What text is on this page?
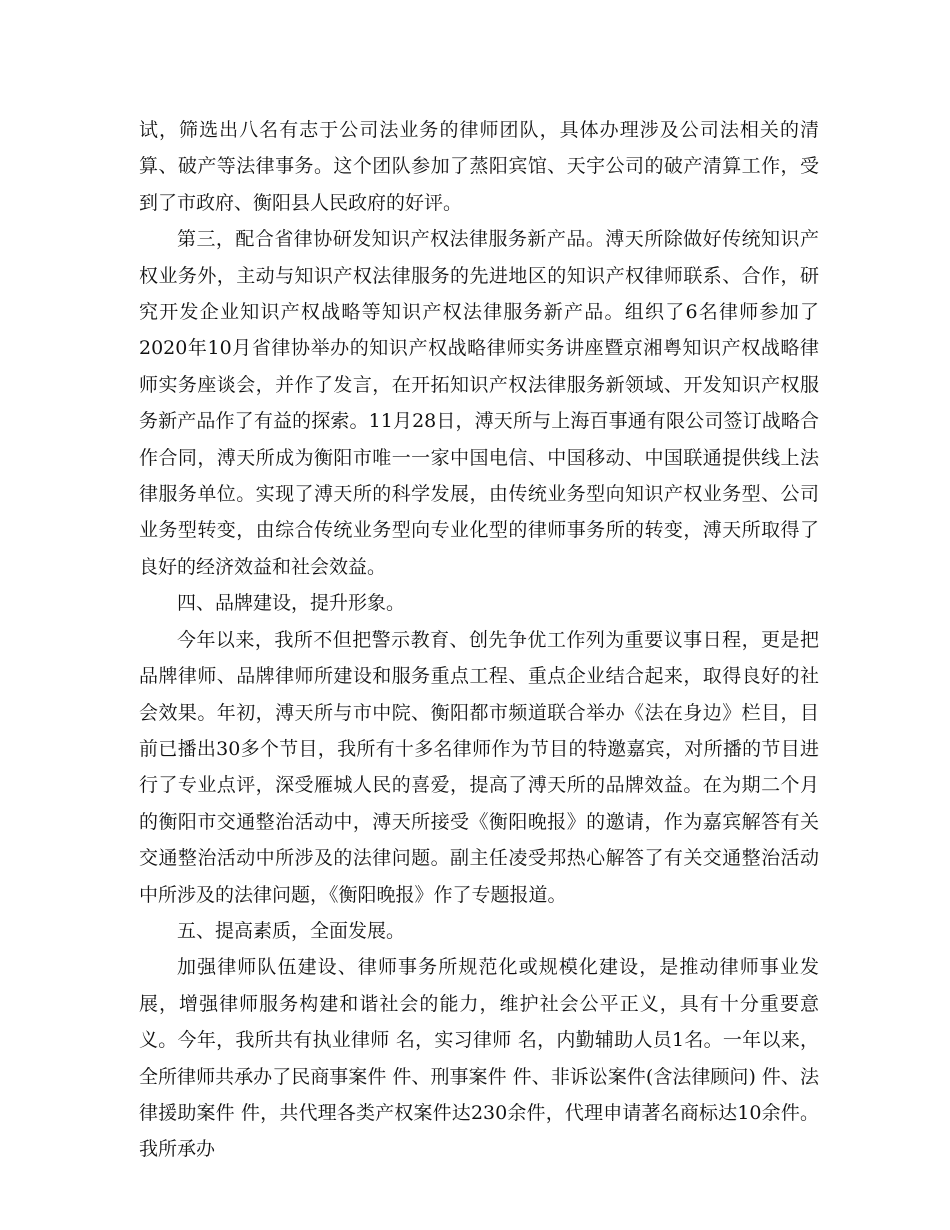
试，筛选出八名有志于公司法业务的律师团队，具体办理涉及公司法相关的清算、破产等法律事务。这个团队参加了蒸阳宾馆、天宇公司的破产清算工作，受到了市政府、衡阳县人民政府的好评。

第三，配合省律协研发知识产权法律服务新产品。溥天所除做好传统知识产权业务外，主动与知识产权法律服务的先进地区的知识产权律师联系、合作，研究开发企业知识产权战略等知识产权法律服务新产品。组织了6名律师参加了2020年10月省律协举办的知识产权战略律师实务讲座暨京湘粤知识产权战略律师实务座谈会，并作了发言，在开拓知识产权法律服务新领域、开发知识产权服务新产品作了有益的探索。11月28日，溥天所与上海百事通有限公司签订战略合作合同，溥天所成为衡阳市唯一一家中国电信、中国移动、中国联通提供线上法律服务单位。实现了溥天所的科学发展，由传统业务型向知识产权业务型、公司业务型转变，由综合传统业务型向专业化型的律师事务所的转变，溥天所取得了良好的经济效益和社会效益。

四、品牌建设，提升形象。

今年以来，我所不但把警示教育、创先争优工作列为重要议事日程，更是把品牌律师、品牌律师所建设和服务重点工程、重点企业结合起来，取得良好的社会效果。年初，溥天所与市中院、衡阳都市频道联合举办《法在身边》栏目，目前已播出30多个节目，我所有十多名律师作为节目的特邀嘉宾，对所播的节目进行了专业点评，深受雁城人民的喜爱，提高了溥天所的品牌效益。在为期二个月的衡阳市交通整治活动中，溥天所接受《衡阳晚报》的邀请，作为嘉宾解答有关交通整治活动中所涉及的法律问题。副主任凌受邦热心解答了有关交通整治活动中所涉及的法律问题，《衡阳晚报》作了专题报道。

五、提高素质，全面发展。

加强律师队伍建设、律师事务所规范化或规模化建设，是推动律师事业发展，增强律师服务构建和谐社会的能力，维护社会公平正义，具有十分重要意义。今年，我所共有执业律师 名，实习律师 名，内勤辅助人员1名。一年以来，全所律师共承办了民商事案件 件、刑事案件 件、非诉讼案件(含法律顾问) 件、法律援助案件 件，共代理各类产权案件达230余件，代理申请著名商标达10余件。我所承办
